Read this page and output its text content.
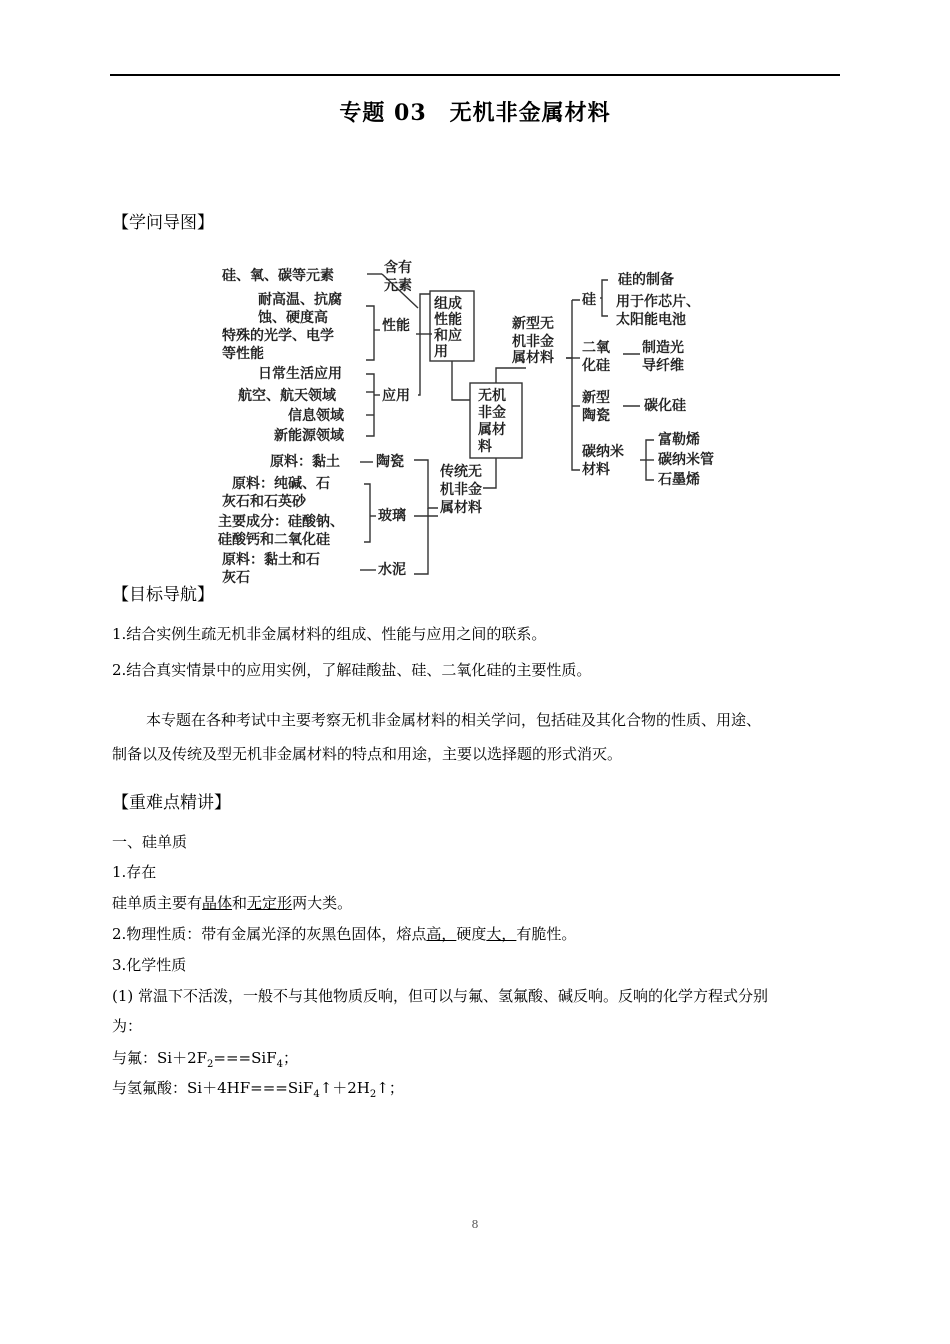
专题 03　无机非金属材料
【学问导图】
硅、氧、碳等元素	含有
元素
耐高温、抗腐
蚀、硬度高
特殊的光学、电学
等性能
性能
日常生活应用
航空、航天领域
信息领域
新能源领域
应用
组成
性能
和应
用
无机
非金
属材
料
传统无
机非金
属材料
原料：黏土	陶瓷
原料：纯碱、石
灰石和石英砂
主要成分：硅酸钠、
硅酸钙和二氧化硅
玻璃
原料：黏土和石
灰石	水泥
新型无
机非金
属材料
硅
硅的制备
用于作芯片、
太阳能电池
二氧
化硅
制造光
导纤维
新型
陶瓷
碳化硅
碳纳米
材料
富勒烯
碳纳米管
石墨烯
【目标导航】
1.结合实例生疏无机非金属材料的组成、性能与应用之间的联系。
2.结合真实情景中的应用实例，了解硅酸盐、硅、二氧化硅的主要性质。
本专题在各种考试中主要考察无机非金属材料的相关学问，包括硅及其化合物的性质、用途、
制备以及传统及型无机非金属材料的特点和用途，主要以选择题的形式消灭。
【重难点精讲】
一、硅单质
1.存在
硅单质主要有晶体和无定形两大类。
2.物理性质：带有金属光泽的灰黑色固体，熔点高，硬度大，有脆性。
3.化学性质
(1) 常温下不活泼，一般不与其他物质反响，但可以与氟、氢氟酸、碱反响。反响的化学方程式分别
为：
与氟：$Si+2F_2===SiF_4$；
与氢氟酸：$Si+4HF===SiF_4↑+2H_2↑$；
8
